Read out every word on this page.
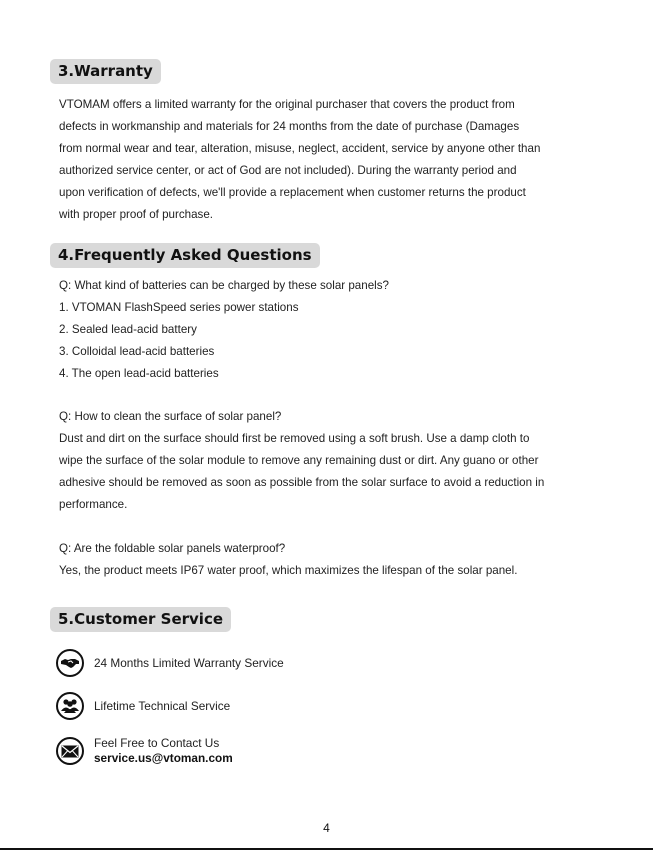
3.Warranty
VTOMAM offers a limited warranty for the original purchaser that covers the product from
defects in workmanship and materials for 24 months from the date of purchase (Damages
from normal wear and tear, alteration, misuse, neglect, accident, service by anyone other than
authorized service center, or act of God are not included). During the warranty period and
upon verification of defects, we'll provide a replacement when customer returns the product
with proper proof of purchase.
4.Frequently Asked Questions
Q: What kind of batteries can be charged by these solar panels?
1. VTOMAN FlashSpeed series power stations
2. Sealed lead-acid battery
3. Colloidal lead-acid batteries
4. The open lead-acid batteries
Q: How to clean the surface of solar panel?
Dust and dirt on the surface should first be removed using a soft brush. Use a damp cloth to
wipe the surface of the solar module to remove any remaining dust or dirt. Any guano or other
adhesive should be removed as soon as possible from the solar surface to avoid a reduction in
performance.
Q: Are the foldable solar panels waterproof?
Yes, the product meets IP67 water proof, which maximizes the lifespan of the solar panel.
5.Customer Service
24 Months Limited Warranty Service
Lifetime Technical Service
Feel Free to Contact Us
service.us@vtoman.com
4
